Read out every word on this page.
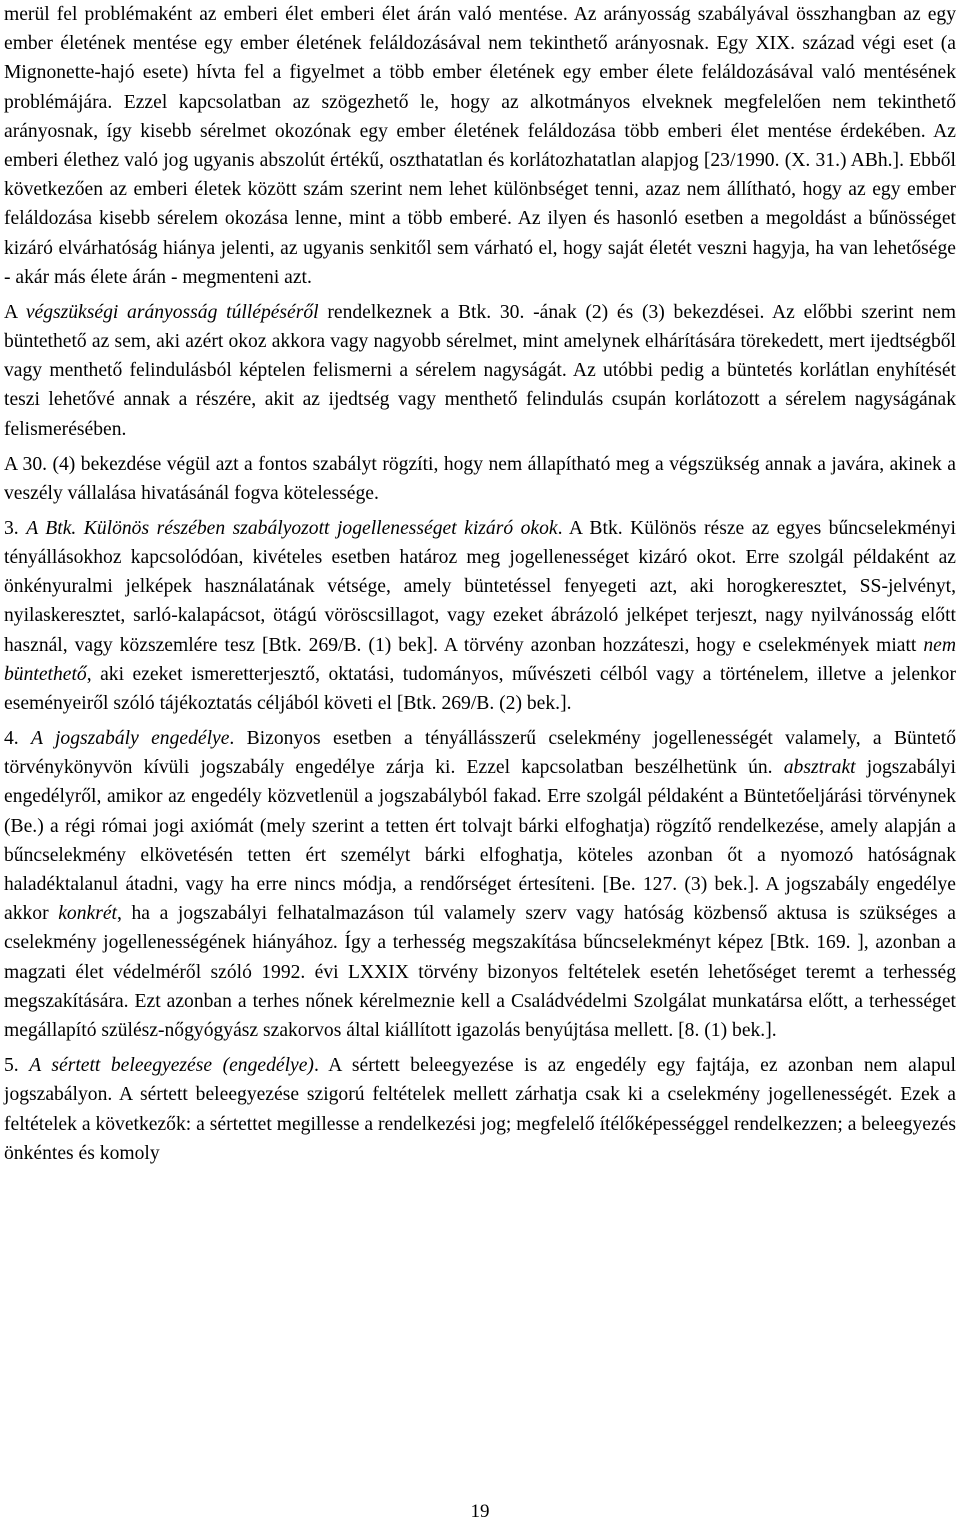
merül fel problémaként az emberi élet emberi élet árán való mentése. Az arányosság szabályával összhangban az egy ember életének mentése egy ember életének feláldozásával nem tekinthető arányosnak. Egy XIX. század végi eset (a Mignonette-hajó esete) hívta fel a figyelmet a több ember életének egy ember élete feláldozásával való mentésének problémájára. Ezzel kapcsolatban az szögezhető le, hogy az alkotmányos elveknek megfelelően nem tekinthető arányosnak, így kisebb sérelmet okozónak egy ember életének feláldozása több emberi élet mentése érdekében. Az emberi élethez való jog ugyanis abszolút értékű, oszthatatlan és korlátozhatatlan alapjog [23/1990. (X. 31.) ABh.]. Ebből következően az emberi életek között szám szerint nem lehet különbséget tenni, azaz nem állítható, hogy az egy ember feláldozása kisebb sérelem okozása lenne, mint a több emberé. Az ilyen és hasonló esetben a megoldást a bűnösséget kizáró elvárhatóság hiánya jelenti, az ugyanis senkitől sem várható el, hogy saját életét veszni hagyja, ha van lehetősége - akár más élete árán - megmenteni azt.

A végszükségi arányosság túllépéséről rendelkeznek a Btk. 30. -ának (2) és (3) bekezdései. Az előbbi szerint nem büntethető az sem, aki azért okoz akkora vagy nagyobb sérelmet, mint amelynek elhárítására törekedett, mert ijedtségből vagy menthető felindulásból képtelen felismerni a sérelem nagyságát. Az utóbbi pedig a büntetés korlátlan enyhítését teszi lehetővé annak a részére, akit az ijedtség vagy menthető felindulás csupán korlátozott a sérelem nagyságának felismerésében.

A 30. (4) bekezdése végül azt a fontos szabályt rögzíti, hogy nem állapítható meg a végszükség annak a javára, akinek a veszély vállalása hivatásánál fogva kötelessége.

3. A Btk. Különös részében szabályozott jogellenességet kizáró okok. A Btk. Különös része az egyes bűncselekményi tényállásokhoz kapcsolódóan, kivételes esetben határoz meg jogellenességet kizáró okot. Erre szolgál példaként az önkényuralmi jelképek használatának vétsége, amely büntetéssel fenyegeti azt, aki horogkeresztet, SS-jelvényt, nyilaskeresztet, sarló-kalapácsot, ötágú vöröscsillagot, vagy ezeket ábrázoló jelképet terjeszt, nagy nyilvánosság előtt használ, vagy közszemlére tesz [Btk. 269/B. (1) bek]. A törvény azonban hozzáteszi, hogy e cselekmények miatt nem büntethető, aki ezeket ismeretterjesztő, oktatási, tudományos, művészeti célból vagy a történelem, illetve a jelenkor eseményeiről szóló tájékoztatás céljából követi el [Btk. 269/B. (2) bek.].

4. A jogszabály engedélye. Bizonyos esetben a tényállásszerű cselekmény jogellenességét valamely, a Büntető törvénykönyvön kívüli jogszabály engedélye zárja ki. Ezzel kapcsolatban beszélhetünk ún. absztrakt jogszabályi engedélyről, amikor az engedély közvetlenül a jogszabályból fakad. Erre szolgál példaként a Büntetőeljárási törvénynek (Be.) a régi római jogi axiómát (mely szerint a tetten ért tolvajt bárki elfoghatja) rögzítő rendelkezése, amely alapján a bűncselekmény elkövetésén tetten ért személyt bárki elfoghatja, köteles azonban őt a nyomozó hatóságnak haladéktalanul átadni, vagy ha erre nincs módja, a rendőrséget értesíteni. [Be. 127. (3) bek.]. A jogszabály engedélye akkor konkrét, ha a jogszabályi felhatalmazáson túl valamely szerv vagy hatóság közbenső aktusa is szükséges a cselekmény jogellenességének hiányához. Így a terhesség megszakítása bűncselekményt képez [Btk. 169. ], azonban a magzati élet védelméről szóló 1992. évi LXXIX törvény bizonyos feltételek esetén lehetőséget teremt a terhesség megszakítására. Ezt azonban a terhes nőnek kérelmeznie kell a Családvédelmi Szolgálat munkatársa előtt, a terhességet megállapító szülész-nőgyógyász szakorvos által kiállított igazolás benyújtása mellett. [8. (1) bek.].

5. A sértett beleegyezése (engedélye). A sértett beleegyezése is az engedély egy fajtája, ez azonban nem alapul jogszabályon. A sértett beleegyezése szigorú feltételek mellett zárhatja csak ki a cselekmény jogellenességét. Ezek a feltételek a következők: a sértettet megillesse a rendelkezési jog; megfelelő ítélőképességgel rendelkezzen; a beleegyezés önkéntes és komoly

19
